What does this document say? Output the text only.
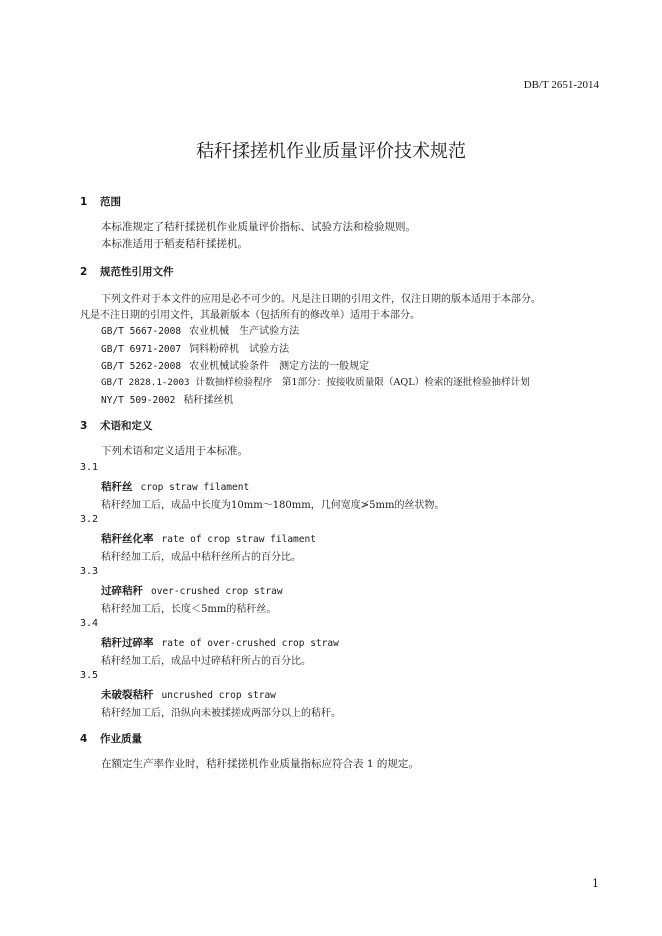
DB/T 2651-2014
秸秆揉搓机作业质量评价技术规范
1 范围
本标准规定了秸秆揉搓机作业质量评价指标、试验方法和检验规则。
本标准适用于稻麦秸秆揉搓机。
2 规范性引用文件
下列文件对于本文件的应用是必不可少的。凡是注日期的引用文件，仅注日期的版本适用于本部分。
凡是不注日期的引用文件，其最新版本（包括所有的修改单）适用于本部分。
GB/T 5667-2008 农业机械　生产试验方法
GB/T 6971-2007 饲料粉碎机　试验方法
GB/T 5262-2008 农业机械试验条件　测定方法的一般规定
GB/T 2828.1-2003 计数抽样检验程序　第1部分：按接收质量限（AQL）检索的逐批检验抽样计划
NY/T 509-2002 秸秆揉丝机
3 术语和定义
下列术语和定义适用于本标准。
3.1
秸秆丝 crop straw filament
秸秆经加工后，成品中长度为10mm～180mm，几何宽度≯5mm的丝状物。
3.2
秸秆丝化率 rate of crop straw filament
秸秆经加工后，成品中秸秆丝所占的百分比。
3.3
过碎秸秆 over-crushed crop straw
秸秆经加工后，长度＜5mm的秸秆丝。
3.4
秸秆过碎率 rate of over-crushed crop straw
秸秆经加工后，成品中过碎秸秆所占的百分比。
3.5
未破裂秸秆 uncrushed crop straw
秸秆经加工后，沿纵向未被揉搓成两部分以上的秸秆。
4 作业质量
在额定生产率作业时，秸秆揉搓机作业质量指标应符合表 1 的规定。
1
